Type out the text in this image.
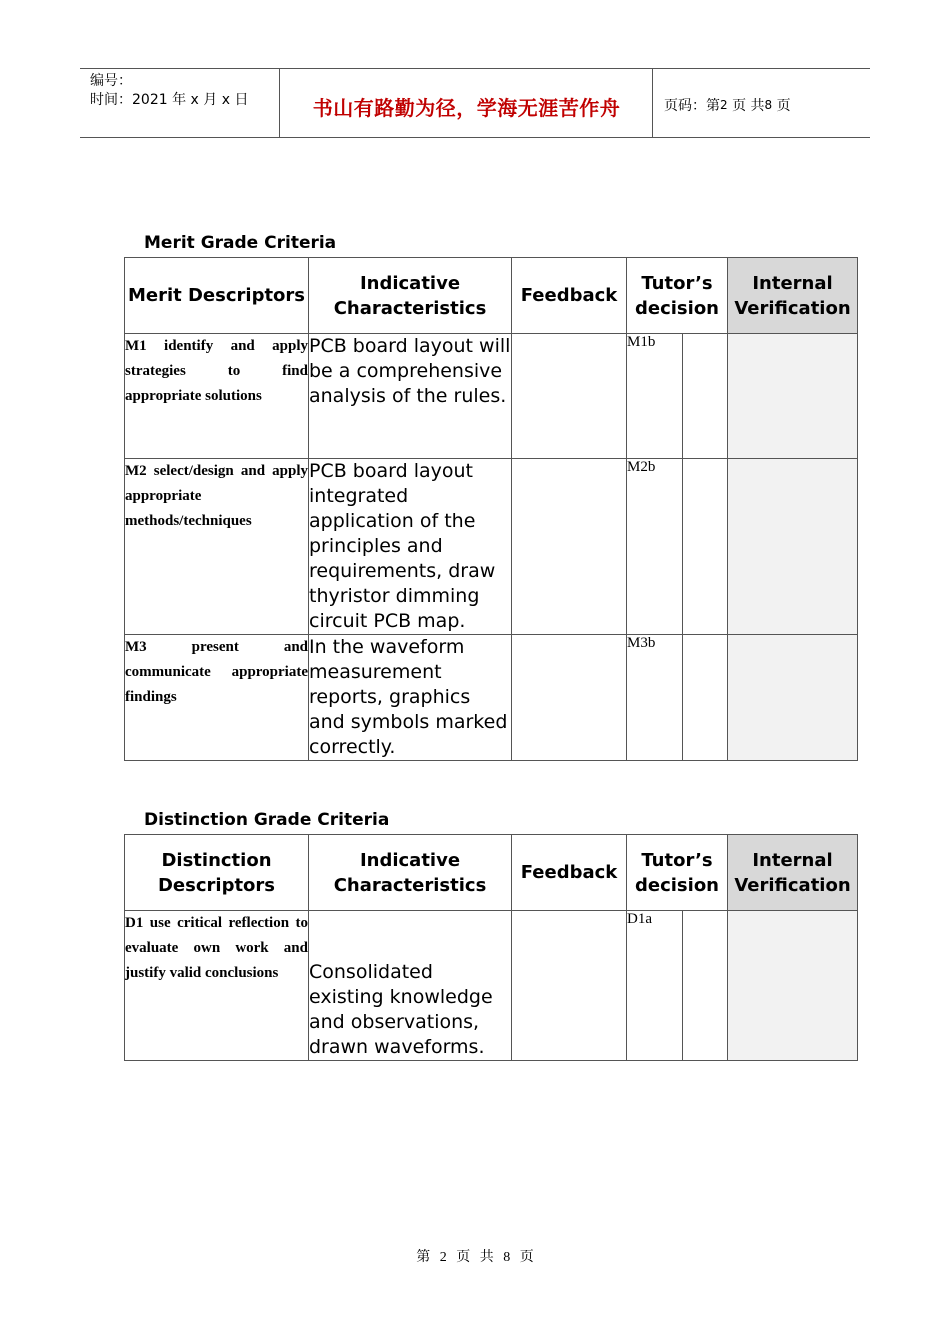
编号：
时间：2021 年 x 月 x 日	书山有路勤为径，学海无涯苦作舟	页码：第 2
页 共 8
页
Merit Grade Criteria
Merit Descriptors	Indicative Characteristics	Feedback	Tutor’s decision		Internal Verification
M1 identify and apply strategies to find appropriate solutions	PCB board layout will be a comprehensive analysis of the rules.		M1b		
M2 select/design and apply appropriate methods/techniques	PCB board layout integrated application of the principles and requirements, draw thyristor dimming circuit PCB map.		M2b		
M3 present and communicate appropriate findings	In the waveform measurement reports, graphics and symbols marked correctly.		M3b		
Distinction Grade Criteria
Distinction Descriptors	Indicative Characteristics	Feedback	Tutor’s decision		Internal Verification
D1 use critical reflection to evaluate own work and justify valid conclusions	Consolidated existing knowledge and observations, drawn waveforms.		D1a		
第 2 页 共 8 页
